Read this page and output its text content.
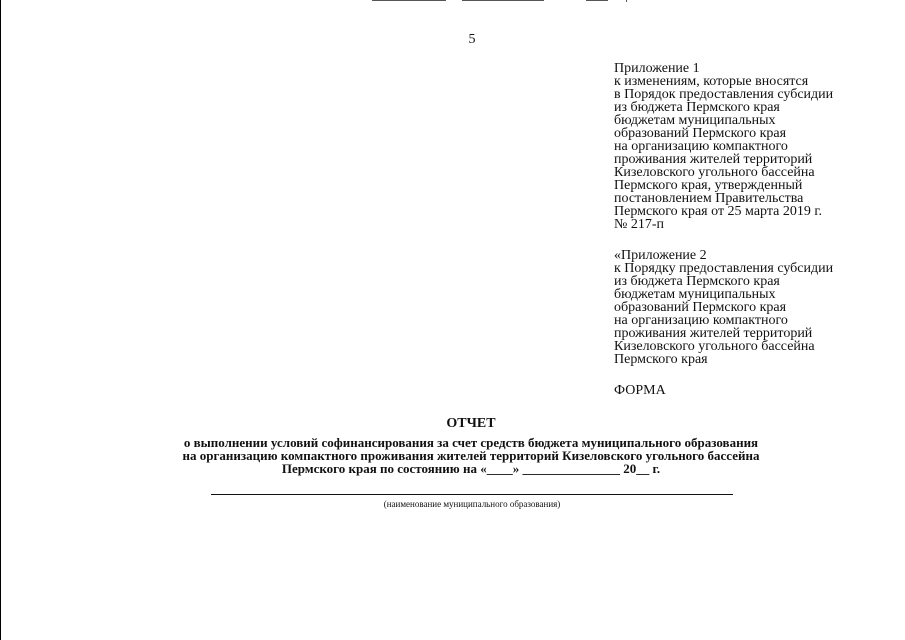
5
Приложение 1
к изменениям, которые вносятся
в Порядок предоставления субсидии
из бюджета Пермского края
бюджетам муниципальных
образований Пермского края
на организацию компактного
проживания жителей территорий
Кизеловского угольного бассейна
Пермского края, утвержденный
постановлением Правительства
Пермского края от 25 марта 2019 г.
№ 217-п
«Приложение 2
к Порядку предоставления субсидии
из бюджета Пермского края
бюджетам муниципальных
образований Пермского края
на организацию компактного
проживания жителей территорий
Кизеловского угольного бассейна
Пермского края
ФОРМА
ОТЧЕТ
о выполнении условий софинансирования за счет средств бюджета муниципального образования
на организацию компактного проживания жителей территорий Кизеловского угольного бассейна
Пермского края по состоянию на «____» _______________ 20__ г.
(наименование муниципального образования)
